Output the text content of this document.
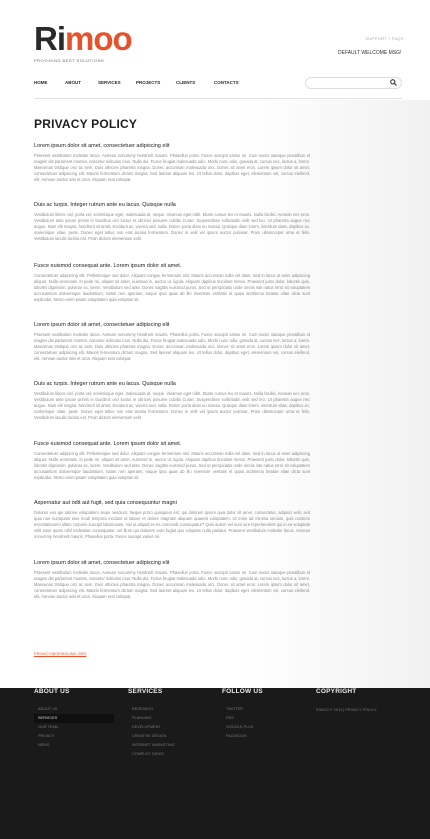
Rimoo
PROVIDING BEST SOLUTIONS
SUPPORT / FAQS
DEFAULT WELCOME MSG!
HOME	ABOUT	SERVICES	PROJECTS	CLIENTS	CONTACTS
PRIVACY POLICY
Lorem ipsum dolor sit amet, consectetuer adipiscing elit
Praesent vestibulum molestie lacus. Aenean nonummy hendrerit mauris. Phasellus porta. Fusce suscipit varius mi. Cum sociis natoque penatibus et magnis dis parturient montes, nascetur ridiculus mus. Nulla dui. Fusce feugiat malesuada odio. Morbi nunc odio, gravida at, cursus nec, luctus a, lorem. Maecenas tristique orci ac sem. Duis ultricies pharetra magna. Donec accumsan malesuada orci. Donec sit amet eros. Lorem ipsum dolor sit amet, consectetuer adipiscing elit. Mauris fermentum dictum magna. Sed laoreet aliquam leo. Ut tellus dolor, dapibus eget, elementum vel, cursus eleifend, elit. Aenean auctor wisi et urna. Aliquam erat volutpat.
Duis ac turpis. Integer rutrum ante eu lacus. Quisque nulla
Vestibulum libero nisl, porta vel, scelerisque eget, malesuada at, neque. Vivamus eget nibh. Etiam cursus leo et mauris. Nulla facilisi. Aenean nec eros. Vestibulum ante ipsum primis in faucibus orci luctus et ultrices posuere cubilia Curae; Suspendisse sollicitudin velit sed leo. Ut pharetra augue nec augue. Nam elit magna, hendrerit sit amet, tincidunt ac, viverra sed, nulla. Donec porta diam eu massa. Quisque diam lorem, interdum vitae, dapibus ac, scelerisque vitae, pede. Donec eget tellus non erat lacinia fermentum. Donec in velit vel ipsum auctor pulvinar. Proin ullamcorper urna et felis. Vestibulum iaculis lacinia est. Proin dictum elementum velit.
Fusce euismod consequat ante. Lorem ipsum dolor sit amet.
Consectetuer adipiscing elit. Pellentesque sed dolor. Aliquam congue fermentum nisl. Mauris accumsan nulla vel diam. Sed in lacus ut enim adipiscing aliquet. Nulla venenatis. In pede mi, aliquet sit amet, euismod in, auctor ut, ligula. Aliquam dapibus tincidunt metus. Praesent justo dolor, lobortis quis, lobortis dignissim, pulvinar ac, lorem. Vestibulum sed ante. Donec sagittis euismod purus. Sed ut perspiciatis unde omnis iste natus error sit voluptatem accusantium doloremque laudantium, totam rem aperiam, eaque ipsa quae ab illo inventore veritatis et quasi architecto beatae vitae dicta sunt explicabo. Nemo enim ipsam voluptatem quia voluptas sit.
Lorem ipsum dolor sit amet, consectetuer adipiscing elit
Praesent vestibulum molestie lacus. Aenean nonummy hendrerit mauris. Phasellus porta. Fusce suscipit varius mi. Cum sociis natoque penatibus et magnis dis parturient montes, nascetur ridiculus mus. Nulla dui. Fusce feugiat malesuada odio. Morbi nunc odio, gravida at, cursus nec, luctus a, lorem. Maecenas tristique orci ac sem. Duis ultricies pharetra magna. Donec accumsan malesuada orci. Donec sit amet eros. Lorem ipsum dolor sit amet, consectetuer adipiscing elit. Mauris fermentum dictum magna. Sed laoreet aliquam leo. Ut tellus dolor, dapibus eget, elementum vel, cursus eleifend, elit. Aenean auctor wisi et urna. Aliquam erat volutpat.
Duis ac turpis. Integer rutrum ante eu lacus. Quisque nulla
Vestibulum libero nisl, porta vel, scelerisque eget, malesuada at, neque. Vivamus eget nibh. Etiam cursus leo et mauris. Nulla facilisi. Aenean nec eros. Vestibulum ante ipsum primis in faucibus orci luctus et ultrices posuere cubilia Curae; Suspendisse sollicitudin velit sed leo. Ut pharetra augue nec augue. Nam elit magna, hendrerit sit amet, tincidunt ac, viverra sed, nulla. Donec porta diam eu massa. Quisque diam lorem, interdum vitae, dapibus ac, scelerisque vitae, pede. Donec eget tellus non erat lacinia fermentum. Donec in velit vel ipsum auctor pulvinar. Proin ullamcorper urna et felis. Vestibulum iaculis lacinia est. Proin dictum elementum velit.
Fusce euismod consequat ante. Lorem ipsum dolor sit amet.
Consectetuer adipiscing elit. Pellentesque sed dolor. Aliquam congue fermentum nisl. Mauris accumsan nulla vel diam. Sed in lacus ut enim adipiscing aliquet. Nulla venenatis. In pede mi, aliquet sit amet, euismod in, auctor ut, ligula. Aliquam dapibus tincidunt metus. Praesent justo dolor, lobortis quis, lobortis dignissim, pulvinar ac, lorem. Vestibulum sed ante. Donec sagittis euismod purus. Sed ut perspiciatis unde omnis iste natus error sit voluptatem accusantium doloremque laudantium, totam rem aperiam, eaque ipsa quae ab illo inventore veritatis et quasi architecto beatae vitae dicta sunt explicabo. Nemo enim ipsam voluptatem quia voluptas sit.
Aspernatur aut odit aut fugit, sed quia consequuntur magni
Dolores eos qui ratione voluptatem sequi nesciunt. Neque porro quisquam est, qui dolorem ipsum quia dolor sit amet, consectetur, adipisci velit, sed quia non numquam eius modi tempora incidunt ut labore et dolore magnam aliquam quaerat voluptatem. Ut enim ad minima veniam, quis nostrum exercitationem ullam corporis suscipit laboriosam, nisi ut aliquid ex ea commodi consequatur? Quis autem vel eum iure reprehenderit qui in ea voluptate velit esse quam nihil molestiae consequatur, vel illum qui dolorem eum fugiat quo voluptas nulla pariatur. Praesent vestibulum molestie lacus. Aenean nonummy hendrerit mauris. Phasellus porta. Fusce suscipit varius mi.
Lorem ipsum dolor sit amet, consectetuer adipiscing elit
Praesent vestibulum molestie lacus. Aenean nonummy hendrerit mauris. Phasellus porta. Fusce suscipit varius mi. Cum sociis natoque penatibus et magnis dis parturient montes, nascetur ridiculus mus. Nulla dui. Fusce feugiat malesuada odio. Morbi nunc odio, gravida at, cursus nec, luctus a, lorem. Maecenas tristique orci ac sem. Duis ultricies pharetra magna. Donec accumsan malesuada orci. Donec sit amet eros. Lorem ipsum dolor sit amet, consectetuer adipiscing elit. Mauris fermentum dictum magna. Sed laoreet aliquam leo. Ut tellus dolor, dapibus eget, elementum vel, cursus eleifend, elit. Aenean auctor wisi et urna. Aliquam erat volutpat.
PRIVACY@DEMOLINK.ORG
ABOUT US
ABOUT US
SERVICES
OUR TEAM
PRIVACY
NEWS
SERVICES
RESEARCH
PLANNING
DEVELOPMENT
CREATIVE DESIGN
INTERNET MARKETING
COMPLEX TASKS
FOLLOW US
TWITTER
RSS
GOOGLE PLUS
FACEBOOK
COPYRIGHT
RIMOO © 2013 | PRIVACY POLICY
